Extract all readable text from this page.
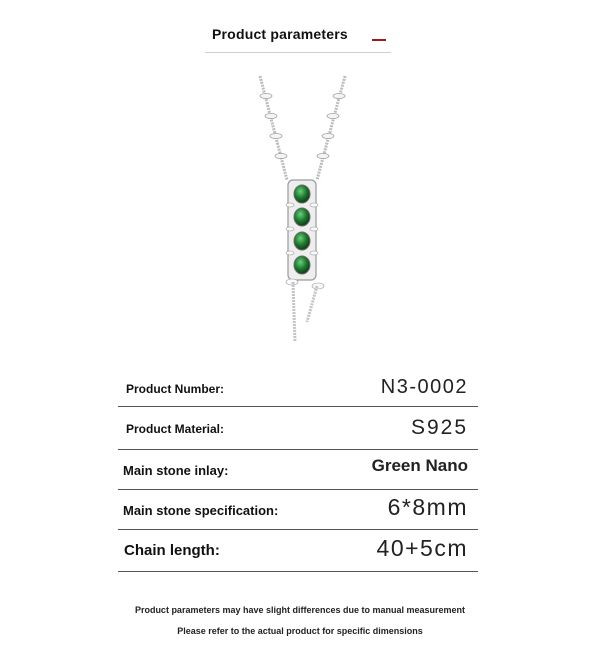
Product parameters
Product Number:	N3-0002
Product Material:	S925
Main stone inlay:	Green Nano
Main stone specification:	6*8mm
Chain length:	40+5cm
Product parameters may have slight differences due to manual measurement
Please refer to the actual product for specific dimensions
